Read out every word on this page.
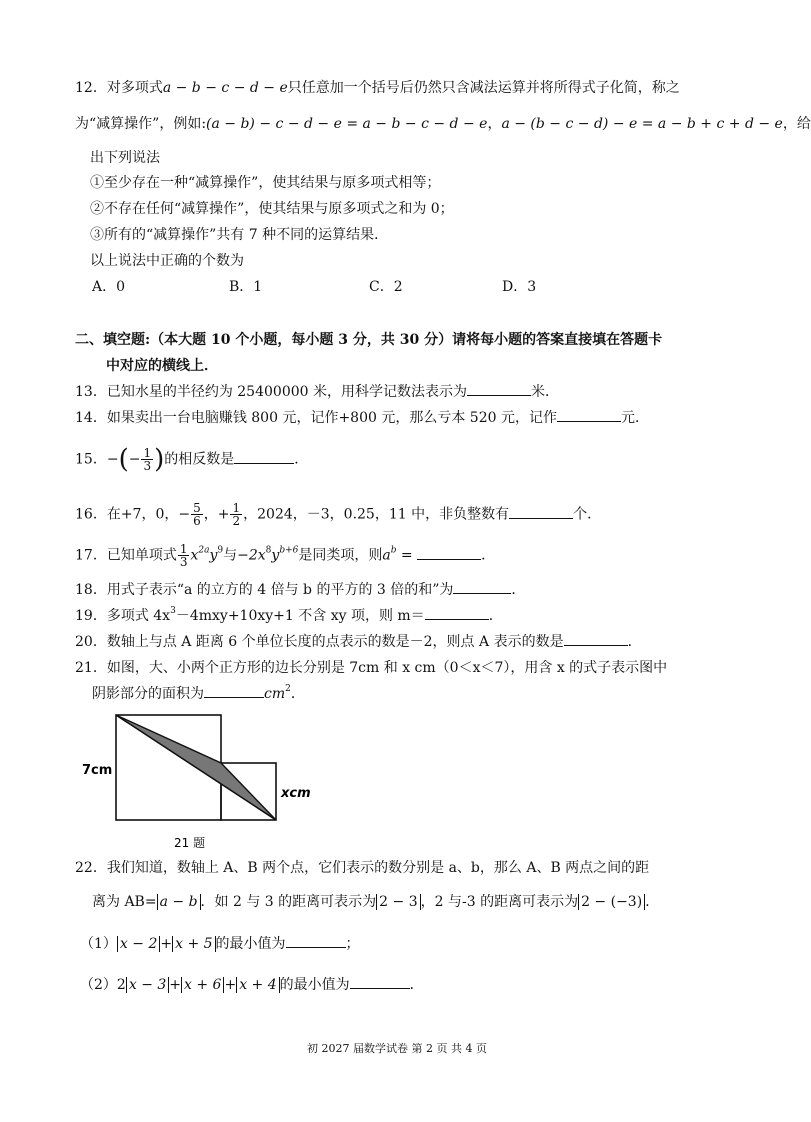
12．对多项式a − b − c − d − e只任意加一个括号后仍然只含减法运算并将所得式子化简，称之
为“减算操作”，例如:(a − b) − c − d − e = a − b − c − d − e，a − (b − c − d) − e = a − b + c + d − e，给
出下列说法
①至少存在一种“减算操作”，使其结果与原多项式相等；
②不存在任何“减算操作”，使其结果与原多项式之和为 0；
③所有的“减算操作”共有 7 种不同的运算结果．
以上说法中正确的个数为
A．0	B．1	C．2	D．3
二、填空题:（本大题 10 个小题，每小题 3 分，共 30 分）请将每小题的答案直接填在答题卡
中对应的横线上．
13．已知水星的半径约为 25400000 米，用科学记数法表示为	米．
14．如果卖出一台电脑赚钱 800 元，记作+800 元，那么亏本 520 元，记作	元．
15．−(− $\frac{1}{3}$ )的相反数是	．
16．在+7，0，− $\frac{5}{6}$ ，+ $\frac{1}{2}$ ，2024，－3，0.25，11 中，非负整数有	个．
17．已知单项式 $\frac{1}{3} x^{2a}y^9$与$-2x^8y^{b+6}$是同类项，则$a^b$ =	．
18．用式子表示“a 的立方的 4 倍与 b 的平方的 3 倍的和”为	．
19．多项式 $4x^3-4mxy+10xy+1$ 不含 xy 项，则 m＝	．
20．数轴上与点 A 距离 6 个单位长度的点表示的数是－2，则点 A 表示的数是	．
21．如图，大、小两个正方形的边长分别是 7cm 和 x cm（0＜x＜7），用含 x 的式子表示图中
阴影部分的面积为	$cm^2$．
7cm
xcm
21 题
22．我们知道，数轴上 A、B 两个点，它们表示的数分别是 a、b，那么 A、B 两点之间的距
离为 AB= a − b ．如 2 与 3 的距离可表示为 2 − 3 ，2 与-3 的距离可表示为 2 − (−3) ．
（1） x − 2 + x + 5 的最小值为	；
（2）2 x − 3 + x + 6 + x + 4 的最小值为	．
初 2027 届数学试卷 第 2 页 共 4 页
